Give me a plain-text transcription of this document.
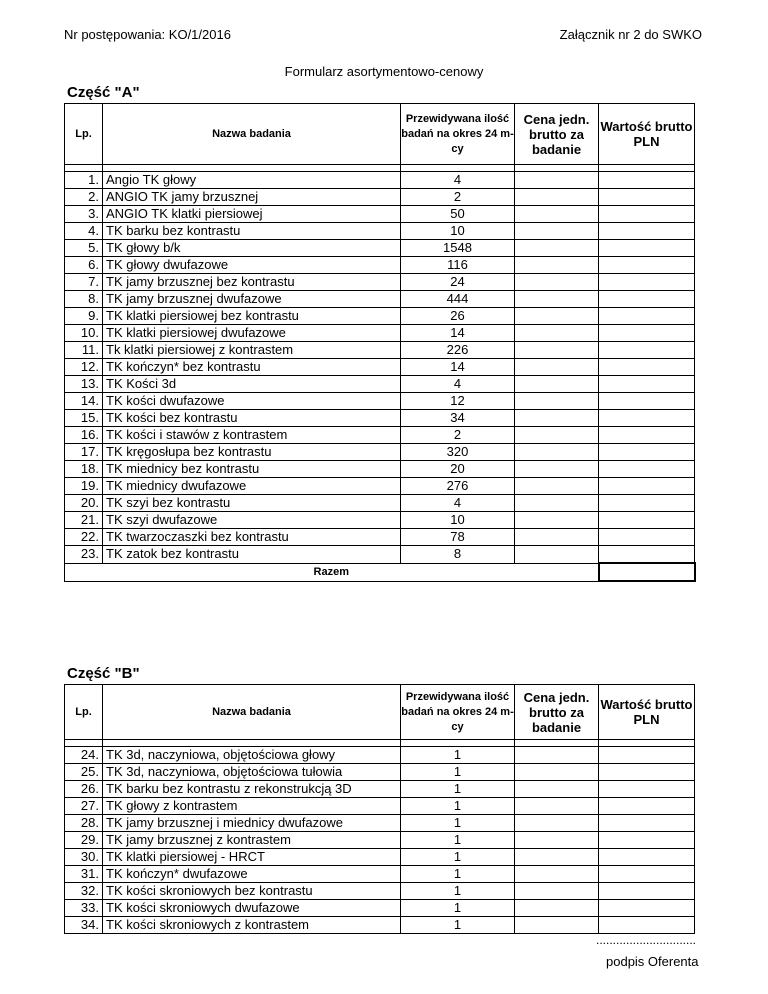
Nr postępowania: KO/1/2016	Załącznik nr 2 do SWKO
Formularz asortymentowo-cenowy
Część "A"
Lp.	Nazwa badania	Przewidywana ilość badań na okres 24 m-cy	Cena jedn. brutto za badanie	Wartość brutto PLN

1.	Angio TK głowy	4		
2.	ANGIO TK jamy brzusznej	2		
3.	ANGIO TK klatki piersiowej	50		
4.	TK barku bez kontrastu	10		
5.	TK głowy b/k	1548		
6.	TK głowy dwufazowe	116		
7.	TK jamy brzusznej bez kontrastu	24		
8.	TK jamy brzusznej dwufazowe	444		
9.	TK klatki piersiowej bez kontrastu	26		
10.	TK klatki piersiowej dwufazowe	14		
11.	Tk klatki piersiowej z kontrastem	226		
12.	TK kończyn* bez kontrastu	14		
13.	TK Kości 3d	4		
14.	TK kości dwufazowe	12		
15.	TK kości bez kontrastu	34		
16.	TK kości i stawów z kontrastem	2		
17.	TK kręgosłupa bez kontrastu	320		
18.	TK miednicy bez kontrastu	20		
19.	TK miednicy dwufazowe	276		
20.	TK szyi bez kontrastu	4		
21.	TK szyi dwufazowe	10		
22.	TK twarzoczaszki bez kontrastu	78		
23.	TK zatok bez kontrastu	8		
Razem				
Część "B"
Lp.	Nazwa badania	Przewidywana ilość badań na okres 24 m-cy	Cena jedn. brutto za badanie	Wartość brutto PLN

24.	TK 3d, naczyniowa, objętościowa głowy	1		
25.	TK 3d, naczyniowa, objętościowa tułowia	1		
26.	TK barku bez kontrastu z rekonstrukcją 3D	1		
27.	TK głowy z kontrastem	1		
28.	TK jamy brzusznej i miednicy dwufazowe	1		
29.	TK jamy brzusznej z kontrastem	1		
30.	TK klatki piersiowej - HRCT	1		
31.	TK kończyn* dwufazowe	1		
32.	TK kości skroniowych bez kontrastu	1		
33.	TK kości skroniowych dwufazowe	1		
34.	TK kości skroniowych z kontrastem	1		
..............................
podpis Oferenta
